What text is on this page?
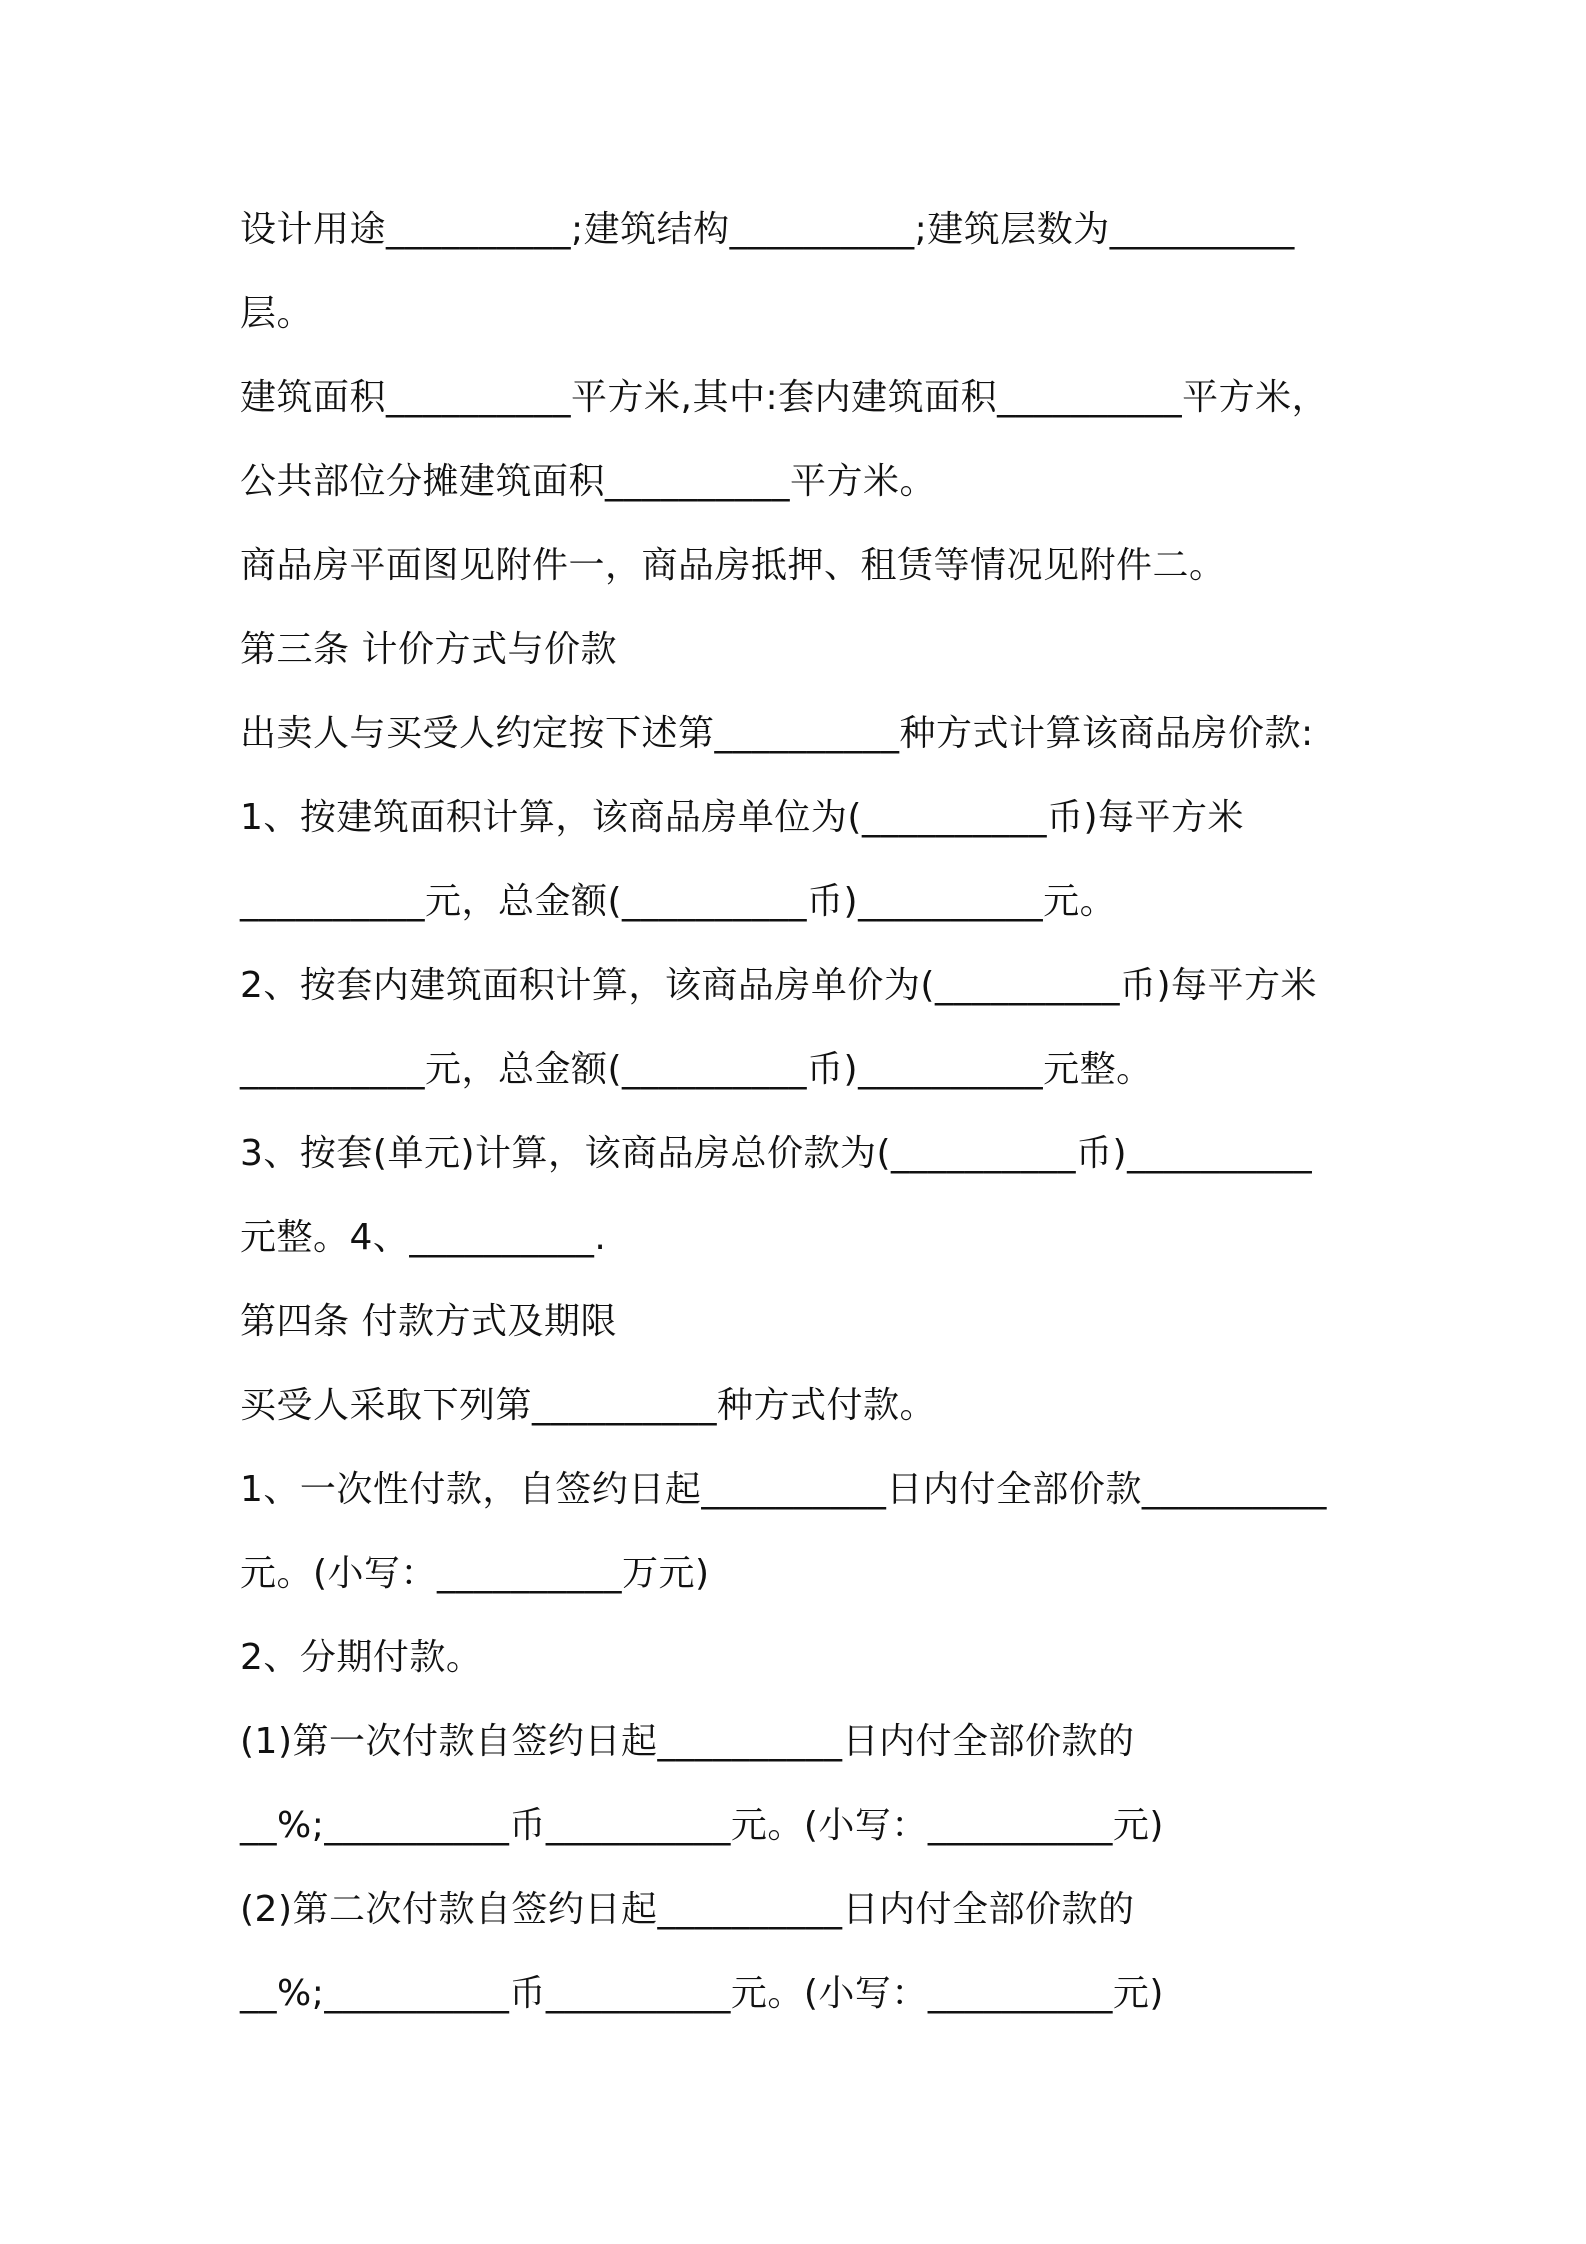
设计用途__________;建筑结构__________;建筑层数为__________
层。
建筑面积__________平方米,其中:套内建筑面积__________平方米，
公共部位分摊建筑面积__________平方米。
商品房平面图见附件一，商品房抵押、租赁等情况见附件二。
第三条 计价方式与价款
出卖人与买受人约定按下述第__________种方式计算该商品房价款:
1、按建筑面积计算，该商品房单位为(__________币)每平方米
__________元，总金额(__________币)__________元。
2、按套内建筑面积计算，该商品房单价为(__________币)每平方米
__________元，总金额(__________币)__________元整。
3、按套(单元)计算，该商品房总价款为(__________币)__________
元整。4、__________.
第四条 付款方式及期限
买受人采取下列第__________种方式付款。
1、一次性付款，自签约日起__________日内付全部价款__________
元。(小写：__________万元)
2、分期付款。
(1)第一次付款自签约日起__________日内付全部价款的
__%;__________币__________元。(小写：__________元)
(2)第二次付款自签约日起__________日内付全部价款的
__%;__________币__________元。(小写：__________元)
